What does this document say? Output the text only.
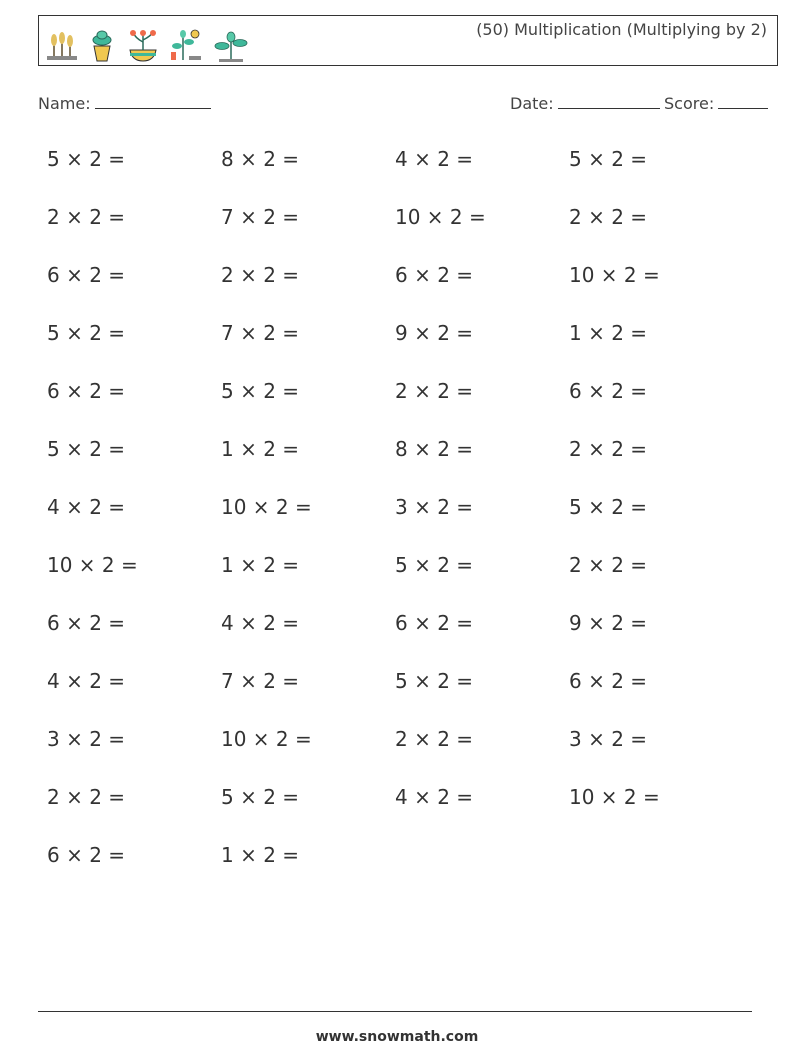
(50) Multiplication (Multiplying by 2)
Name:	Date:	Score:
5 × 2 =	8 × 2 =	4 × 2 =	5 × 2 =
2 × 2 =	7 × 2 =	10 × 2 =	2 × 2 =
6 × 2 =	2 × 2 =	6 × 2 =	10 × 2 =
5 × 2 =	7 × 2 =	9 × 2 =	1 × 2 =
6 × 2 =	5 × 2 =	2 × 2 =	6 × 2 =
5 × 2 =	1 × 2 =	8 × 2 =	2 × 2 =
4 × 2 =	10 × 2 =	3 × 2 =	5 × 2 =
10 × 2 =	1 × 2 =	5 × 2 =	2 × 2 =
6 × 2 =	4 × 2 =	6 × 2 =	9 × 2 =
4 × 2 =	7 × 2 =	5 × 2 =	6 × 2 =
3 × 2 =	10 × 2 =	2 × 2 =	3 × 2 =
2 × 2 =	5 × 2 =	4 × 2 =	10 × 2 =
6 × 2 =	1 × 2 =
www.snowmath.com
